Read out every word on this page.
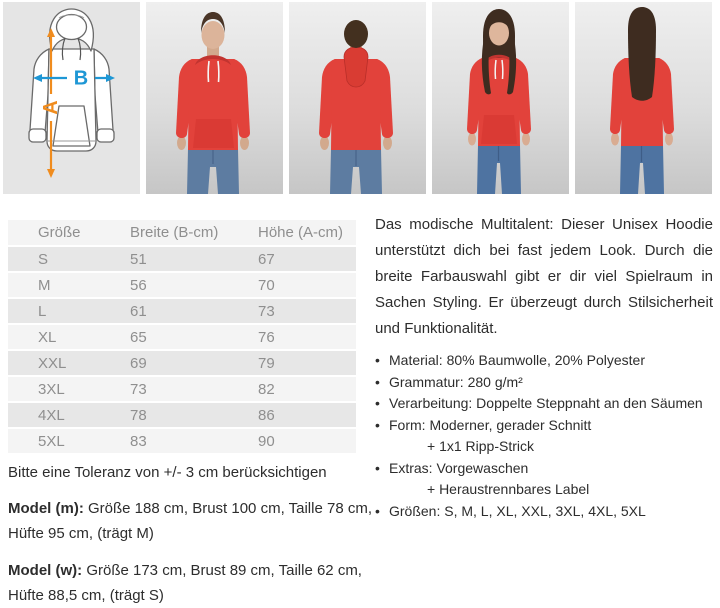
A
B
Größe	Breite (B-cm)	Höhe (A-cm)
S	51	67
M	56	70
L	61	73
XL	65	76
XXL	69	79
3XL	73	82
4XL	78	86
5XL	83	90

Das modische Multitalent: Dieser Unisex Hoodie unterstützt dich bei fast jedem Look. Durch die breite Farbauswahl gibt er dir viel Spielraum in Sachen Styling. Er überzeugt durch Stilsicherheit und Funktionalität.

• Material: 80% Baumwolle, 20% Polyester
• Grammatur: 280 g/m²
• Verarbeitung: Doppelte Steppnaht an den Säumen
• Form: Moderner, gerader Schnitt
+ 1x1 Ripp-Strick
• Extras: Vorgewaschen
+ Heraustrennbares Label
• Größen: S, M, L, XL, XXL, 3XL, 4XL, 5XL

Bitte eine Toleranz von +/- 3 cm berücksichtigen

Model (m): Größe 188 cm, Brust 100 cm, Taille 78 cm, Hüfte 95 cm, (trägt M)

Model (w): Größe 173 cm, Brust 89 cm, Taille 62 cm, Hüfte 88,5 cm, (trägt S)
